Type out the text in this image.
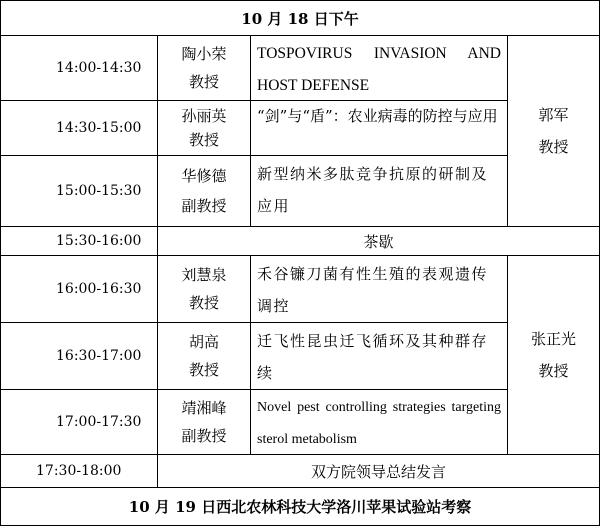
10 月 18 日下午
14:00-14:30
陶小荣
教授
TOSPOVIRUS INVASION AND HOST DEFENSE
14:30-15:00
孙丽英
教授
“剑”与“盾”：农业病毒的防控与应用
15:00-15:30
华修德
副教授
新型纳米多肽竞争抗原的研制及应用
郭军
教授
15:30-16:00	茶歇
16:00-16:30
刘慧泉
教授
禾谷镰刀菌有性生殖的表观遗传调控
16:30-17:00
胡高
教授
迁飞性昆虫迁飞循环及其种群存续
17:00-17:30
靖湘峰
副教授
Novel pest controlling strategies targeting sterol metabolism
张正光
教授
17:30-18:00	双方院领导总结发言
10 月 19 日西北农林科技大学洛川苹果试验站考察
